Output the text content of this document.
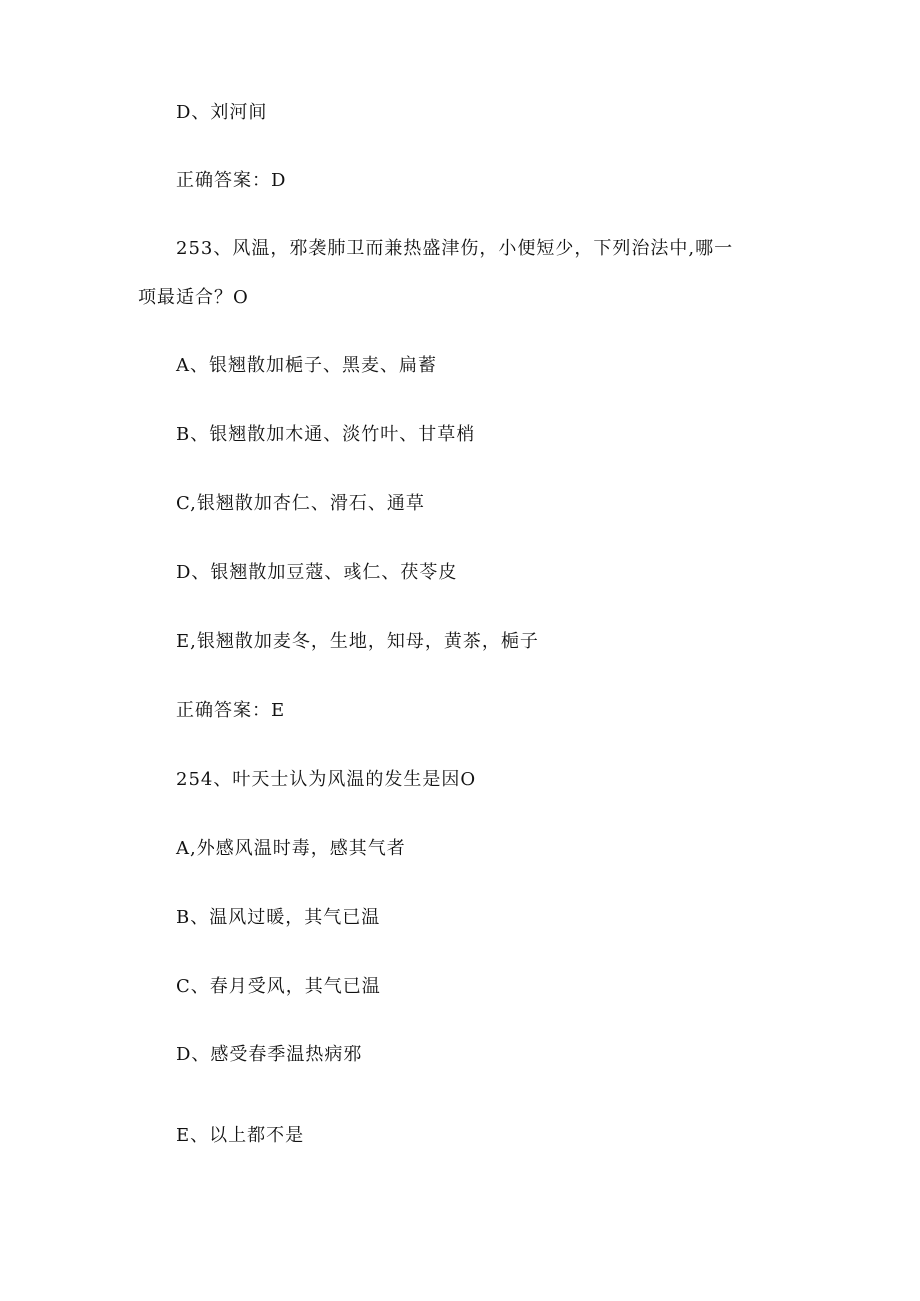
D、刘河间
正确答案：D
253、风温，邪袭肺卫而兼热盛津伤，小便短少，下列治法中,哪一
项最适合？O
A、银翘散加梔子、黑麦、扁蓄
B、银翘散加木通、淡竹叶、甘草梢
C,银翘散加杏仁、滑石、通草
D、银翘散加豆蔻、彧仁、茯苓皮
E,银翘散加麦冬，生地，知母，黄茶，梔子
正确答案：E
254、叶天士认为风温的发生是因O
A,外感风温时毒，感其气者
B、温风过暖，其气已温
C、春月受风，其气已温
D、感受春季温热病邪
E、以上都不是
